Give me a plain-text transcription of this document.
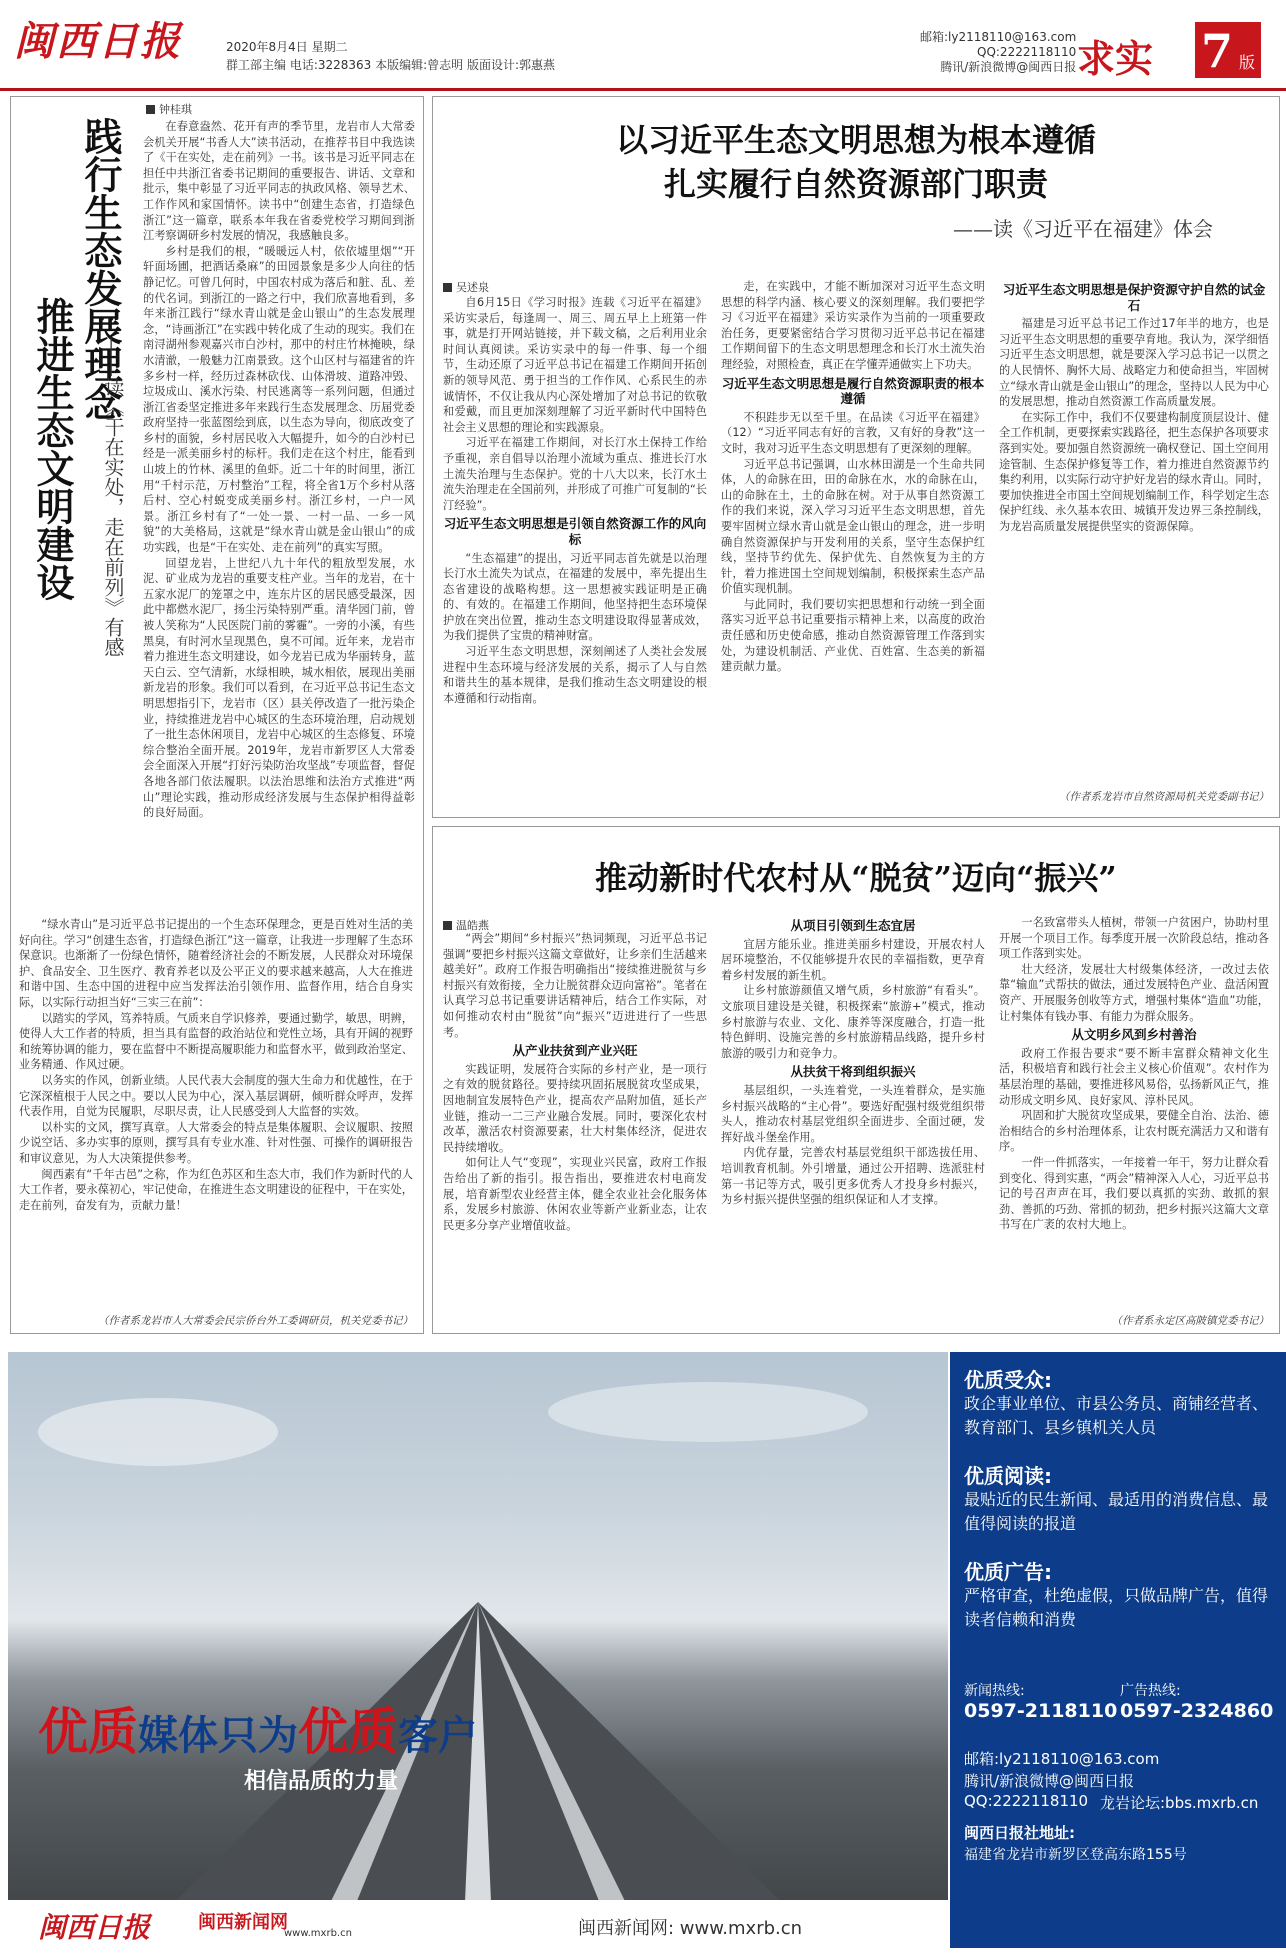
闽西日报	2020年8月4日 星期二
群工部主编 电话:3228363 本版编辑:曾志明 版面设计:郭惠燕
邮箱:ly2118110@163.com
QQ:2222118110
腾讯/新浪微博@闽西日报 求实 7 版
钟桂琪
践行生态发展理念
推进生态文明建设 ——读《干在实处，走在前列》有感

在春意盎然、花开有声的季节里，龙岩市人大常委会机关开展“书香人大”读书活动，在推荐书目中我选读了《干在实处，走在前列》一书。该书是习近平同志在担任中共浙江省委书记期间的重要报告、讲话、文章和批示，集中彰显了习近平同志的执政风格、领导艺术、工作作风和家国情怀。读书中“创建生态省，打造绿色浙江”这一篇章，联系本年我在省委党校学习期间到浙江考察调研乡村发展的情况，我感触良多。

乡村是我们的根，“暖暖远人村，依依墟里烟”“开轩面场圃，把酒话桑麻”的田园景象是多少人向往的恬静记忆。可曾几何时，中国农村成为落后和脏、乱、差的代名词。到浙江的一路之行中，我们欣喜地看到，多年来浙江践行“绿水青山就是金山银山”的生态发展理念，“诗画浙江”在实践中转化成了生动的现实。我们在南浔湖州参观嘉兴市白沙村，那中的村庄竹林掩映，绿水清澈，一般魅力江南景致。这个山区村与福建省的许多乡村一样，经历过森林砍伐、山体滑坡、道路冲毁、垃圾成山、溪水污染、村民逃离等一系列问题，但通过浙江省委坚定推进多年来践行生态发展理念、历届党委政府坚持一张蓝图绘到底，以生态为导向，彻底改变了乡村的面貌，乡村居民收入大幅提升，如今的白沙村已经是一派美丽乡村的标杆。我们走在这个村庄，能看到山坡上的竹林、溪里的鱼虾。近二十年的时间里，浙江用“千村示范，万村整治”工程，将全省1万个乡村从落后村、空心村蜕变成美丽乡村。浙江乡村，一户一风景。浙江乡村有了“一处一景、一村一品、一乡一风貌”的大美格局，这就是“绿水青山就是金山银山”的成功实践，也是“干在实处、走在前列”的真实写照。

回望龙岩，上世纪八九十年代的粗放型发展，水泥、矿业成为龙岩的重要支柱产业。当年的龙岩，在十五家水泥厂的笼罩之中，连东片区的居民感受最深，因此中都燃水泥厂，扬尘污染特别严重。清华园门前，曾被人笑称为“人民医院门前的雾霾”。一旁的小溪，有些黑臭，有时河水呈现黑色，臭不可闻。近年来，龙岩市着力推进生态文明建设，如今龙岩已成为华丽转身，蓝天白云、空气清新，水绿相映，城水相依，展现出美丽新龙岩的形象。我们可以看到，在习近平总书记生态文明思想指引下，龙岩市（区）县关停改造了一批污染企业，持续推进龙岩中心城区的生态环境治理，启动规划了一批生态休闲项目，龙岩中心城区的生态修复、环境综合整治全面开展。2019年，龙岩市新罗区人大常委会全面深入开展“打好污染防治攻坚战”专项监督，督促各地各部门依法履职。以法治思维和法治方式推进“两山”理论实践，推动形成经济发展与生态保护相得益彰的良好局面。

“绿水青山”是习近平总书记提出的一个生态环保理念，更是百姓对生活的美好向往。学习“创建生态省，打造绿色浙江”这一篇章，让我进一步理解了生态环保意识。也渐渐了一份绿色情怀，随着经济社会的不断发展，人民群众对环境保护、食品安全、卫生医疗、教育养老以及公平正义的要求越来越高，人大在推进和谐中国、生态中国的进程中应当发挥法治引领作用、监督作用，结合自身实际，以实际行动担当好“三实三在前”：

以踏实的学风，笃养特质。气质来自学识修养，要通过勤学，敏思，明辨，使得人大工作者的特质，担当具有监督的政治站位和党性立场，具有开阔的视野和统筹协调的能力，要在监督中不断提高履职能力和监督水平，做到政治坚定、业务精通、作风过硬。

以务实的作风，创新业绩。人民代表大会制度的强大生命力和优越性，在于它深深植根于人民之中。要以人民为中心，深入基层调研，倾听群众呼声，发挥代表作用，自觉为民履职，尽职尽责，让人民感受到人大监督的实效。

以朴实的文风，撰写真章。人大常委会的特点是集体履职、会议履职、按照少说空话、多办实事的原则，撰写具有专业水准、针对性强、可操作的调研报告和审议意见，为人大决策提供参考。

闽西素有“千年古邑”之称，作为红色苏区和生态大市，我们作为新时代的人大工作者，要永葆初心，牢记使命，在推进生态文明建设的征程中，干在实处，走在前列，奋发有为，贡献力量！

（作者系龙岩市人大常委会民宗侨台外工委调研员，机关党委书记）
以习近平生态文明思想为根本遵循
扎实履行自然资源部门职责
——读《习近平在福建》体会
吴述泉

自6月15日《学习时报》连载《习近平在福建》采访实录后，每逢周一、周三、周五早上上班第一件事，就是打开网站链接，并下载文稿，之后利用业余时间认真阅读。采访实录中的每一件事、每一个细节，生动还原了习近平总书记在福建工作期间开拓创新的领导风范、勇于担当的工作作风、心系民生的赤诚情怀，不仅让我从内心深处增加了对总书记的钦敬和爱戴，而且更加深刻理解了习近平新时代中国特色社会主义思想的理论和实践源泉。

习近平在福建工作期间，对长汀水土保持工作给予重视，亲自倡导以治理小流域为重点、推进长汀水土流失治理与生态保护。党的十八大以来，长汀水土流失治理走在全国前列，并形成了可推广可复制的“长汀经验”。

习近平生态文明思想是引领自然资源工作的风向标

“生态福建”的提出，习近平同志首先就是以治理长汀水土流失为试点，在福建的发展中，率先提出生态省建设的战略构想。这一思想被实践证明是正确的、有效的。在福建工作期间，他坚持把生态环境保护放在突出位置，推动生态文明建设取得显著成效，为我们提供了宝贵的精神财富。

习近平生态文明思想，深刻阐述了人类社会发展进程中生态环境与经济发展的关系，揭示了人与自然和谐共生的基本规律，是我们推动生态文明建设的根本遵循和行动指南。

走，在实践中，才能不断加深对习近平生态文明思想的科学内涵、核心要义的深刻理解。我们要把学习《习近平在福建》采访实录作为当前的一项重要政治任务，更要紧密结合学习贯彻习近平总书记在福建工作期间留下的生态文明思想理念和长汀水土流失治理经验，对照检查，真正在学懂弄通做实上下功夫。

习近平生态文明思想是履行自然资源职责的根本遵循

不积跬步无以至千里。在品读《习近平在福建》（12）“习近平同志有好的言教，又有好的身教”这一文时，我对习近平生态文明思想有了更深刻的理解。

习近平总书记强调，山水林田湖是一个生命共同体，人的命脉在田，田的命脉在水，水的命脉在山，山的命脉在土，土的命脉在树。对于从事自然资源工作的我们来说，深入学习习近平生态文明思想，首先要牢固树立绿水青山就是金山银山的理念，进一步明确自然资源保护与开发利用的关系，坚守生态保护红线，坚持节约优先、保护优先、自然恢复为主的方针，着力推进国土空间规划编制，积极探索生态产品价值实现机制。

与此同时，我们要切实把思想和行动统一到全面落实习近平总书记重要指示精神上来，以高度的政治责任感和历史使命感，推动自然资源管理工作落到实处，为建设机制活、产业优、百姓富、生态美的新福建贡献力量。

习近平生态文明思想是保护资源守护自然的试金石

福建是习近平总书记工作过17年半的地方，也是习近平生态文明思想的重要孕育地。我认为，深学细悟习近平生态文明思想，就是要深入学习总书记一以贯之的人民情怀、胸怀大局、战略定力和使命担当，牢固树立“绿水青山就是金山银山”的理念，坚持以人民为中心的发展思想，推动自然资源工作高质量发展。

在实际工作中，我们不仅要建构制度顶层设计、健全工作机制，更要探索实践路径，把生态保护各项要求落到实处。要加强自然资源统一确权登记、国土空间用途管制、生态保护修复等工作，着力推进自然资源节约集约利用，以实际行动守护好龙岩的绿水青山。同时，要加快推进全市国土空间规划编制工作，科学划定生态保护红线、永久基本农田、城镇开发边界三条控制线，为龙岩高质量发展提供坚实的资源保障。

（作者系龙岩市自然资源局机关党委副书记）
推动新时代农村从“脱贫”迈向“振兴”
温皓燕

“两会”期间“乡村振兴”热词频现，习近平总书记强调“要把乡村振兴这篇文章做好，让乡亲们生活越来越美好”。政府工作报告明确指出“接续推进脱贫与乡村振兴有效衔接，全力让脱贫群众迈向富裕”。笔者在认真学习总书记重要讲话精神后，结合工作实际，对如何推动农村由“脱贫”向“振兴”迈进进行了一些思考。

从产业扶贫到产业兴旺

实践证明，发展符合实际的乡村产业，是一项行之有效的脱贫路径。要持续巩固拓展脱贫攻坚成果，因地制宜发展特色产业，提高农产品附加值，延长产业链，推动一二三产业融合发展。同时，要深化农村改革，激活农村资源要素，壮大村集体经济，促进农民持续增收。

如何让人气“变现”，实现业兴民富，政府工作报告给出了新的指引。报告指出，要推进农村电商发展，培育新型农业经营主体，健全农业社会化服务体系，发展乡村旅游、休闲农业等新产业新业态，让农民更多分享产业增值收益。

从项目引领到生态宜居

宜居方能乐业。推进美丽乡村建设，开展农村人居环境整治，不仅能够提升农民的幸福指数，更孕育着乡村发展的新生机。

让乡村旅游颜值又增气质，乡村旅游“有看头”。文旅项目建设是关键，积极探索“旅游+”模式，推动乡村旅游与农业、文化、康养等深度融合，打造一批特色鲜明、设施完善的乡村旅游精品线路，提升乡村旅游的吸引力和竞争力。

从扶贫干将到组织振兴

基层组织，一头连着党，一头连着群众，是实施乡村振兴战略的“主心骨”。要选好配强村级党组织带头人，推动农村基层党组织全面进步、全面过硬，发挥好战斗堡垒作用。

内优存量，完善农村基层党组织干部选拔任用、培训教育机制。外引增量，通过公开招聘、选派驻村第一书记等方式，吸引更多优秀人才投身乡村振兴，为乡村振兴提供坚强的组织保证和人才支撑。

一名致富带头人植树，带领一户贫困户，协助村里开展一个项目工作。每季度开展一次阶段总结，推动各项工作落到实处。

壮大经济，发展壮大村级集体经济，一改过去依靠“输血”式帮扶的做法，通过发展特色产业、盘活闲置资产、开展服务创收等方式，增强村集体“造血”功能，让村集体有钱办事、有能力为群众服务。

从文明乡风到乡村善治

政府工作报告要求“要不断丰富群众精神文化生活，积极培育和践行社会主义核心价值观”。农村作为基层治理的基础，要推进移风易俗，弘扬新风正气，推动形成文明乡风、良好家风、淳朴民风。

巩固和扩大脱贫攻坚成果，要健全自治、法治、德治相结合的乡村治理体系，让农村既充满活力又和谐有序。

一件一件抓落实，一年接着一年干，努力让群众看到变化、得到实惠，“两会”精神深入人心，习近平总书记的号召声声在耳，我们要以真抓的实劲、敢抓的狠劲、善抓的巧劲、常抓的韧劲，把乡村振兴这篇大文章书写在广袤的农村大地上。

（作者系永定区高陂镇党委书记）
优质媒体只为优质客户
相信品质的力量
闽西日报	闽西新闻网
www.mxrb.cn	闽西新闻网: www.mxrb.cn
优质受众:
政企事业单位、市县公务员、商铺经营者、教育部门、县乡镇机关人员
优质阅读:
最贴近的民生新闻、最适用的消费信息、最值得阅读的报道
优质广告:
严格审查，杜绝虚假，只做品牌广告，值得读者信赖和消费
新闻热线:
0597-2118110
广告热线:
0597-2324860
邮箱:ly2118110@163.com
腾讯/新浪微博@闽西日报
QQ:2222118110 龙岩论坛:bbs.mxrb.cn
闽西日报社地址:
福建省龙岩市新罗区登高东路155号
